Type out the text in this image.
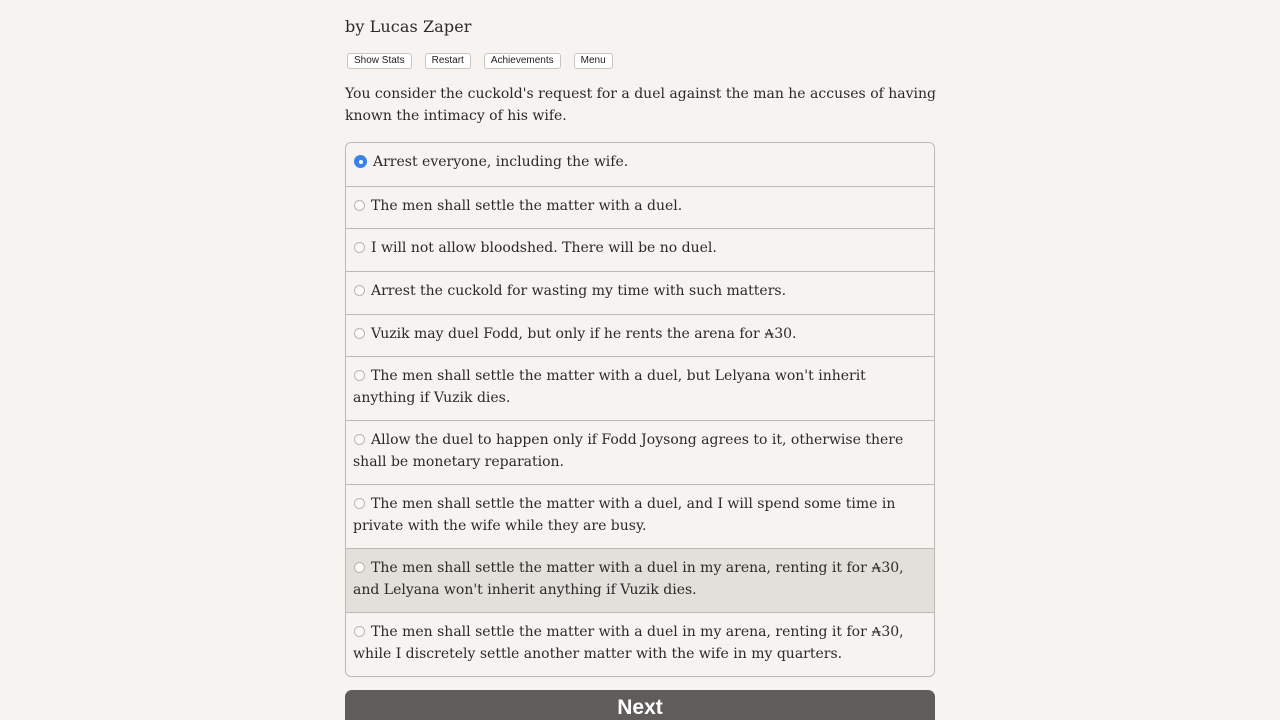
by Lucas Zaper
Show Stats	Restart	Achievements	Menu
You consider the cuckold's request for a duel against the man he accuses of having known the intimacy of his wife.
Arrest everyone, including the wife.
The men shall settle the matter with a duel.
I will not allow bloodshed. There will be no duel.
Arrest the cuckold for wasting my time with such matters.
Vuzik may duel Fodd, but only if he rents the arena for ₳30.
The men shall settle the matter with a duel, but Lelyana won't inherit anything if Vuzik dies.
Allow the duel to happen only if Fodd Joysong agrees to it, otherwise there shall be monetary reparation.
The men shall settle the matter with a duel, and I will spend some time in private with the wife while they are busy.
The men shall settle the matter with a duel in my arena, renting it for ₳30, and Lelyana won't inherit anything if Vuzik dies.
The men shall settle the matter with a duel in my arena, renting it for ₳30, while I discretely settle another matter with the wife in my quarters.
Next
